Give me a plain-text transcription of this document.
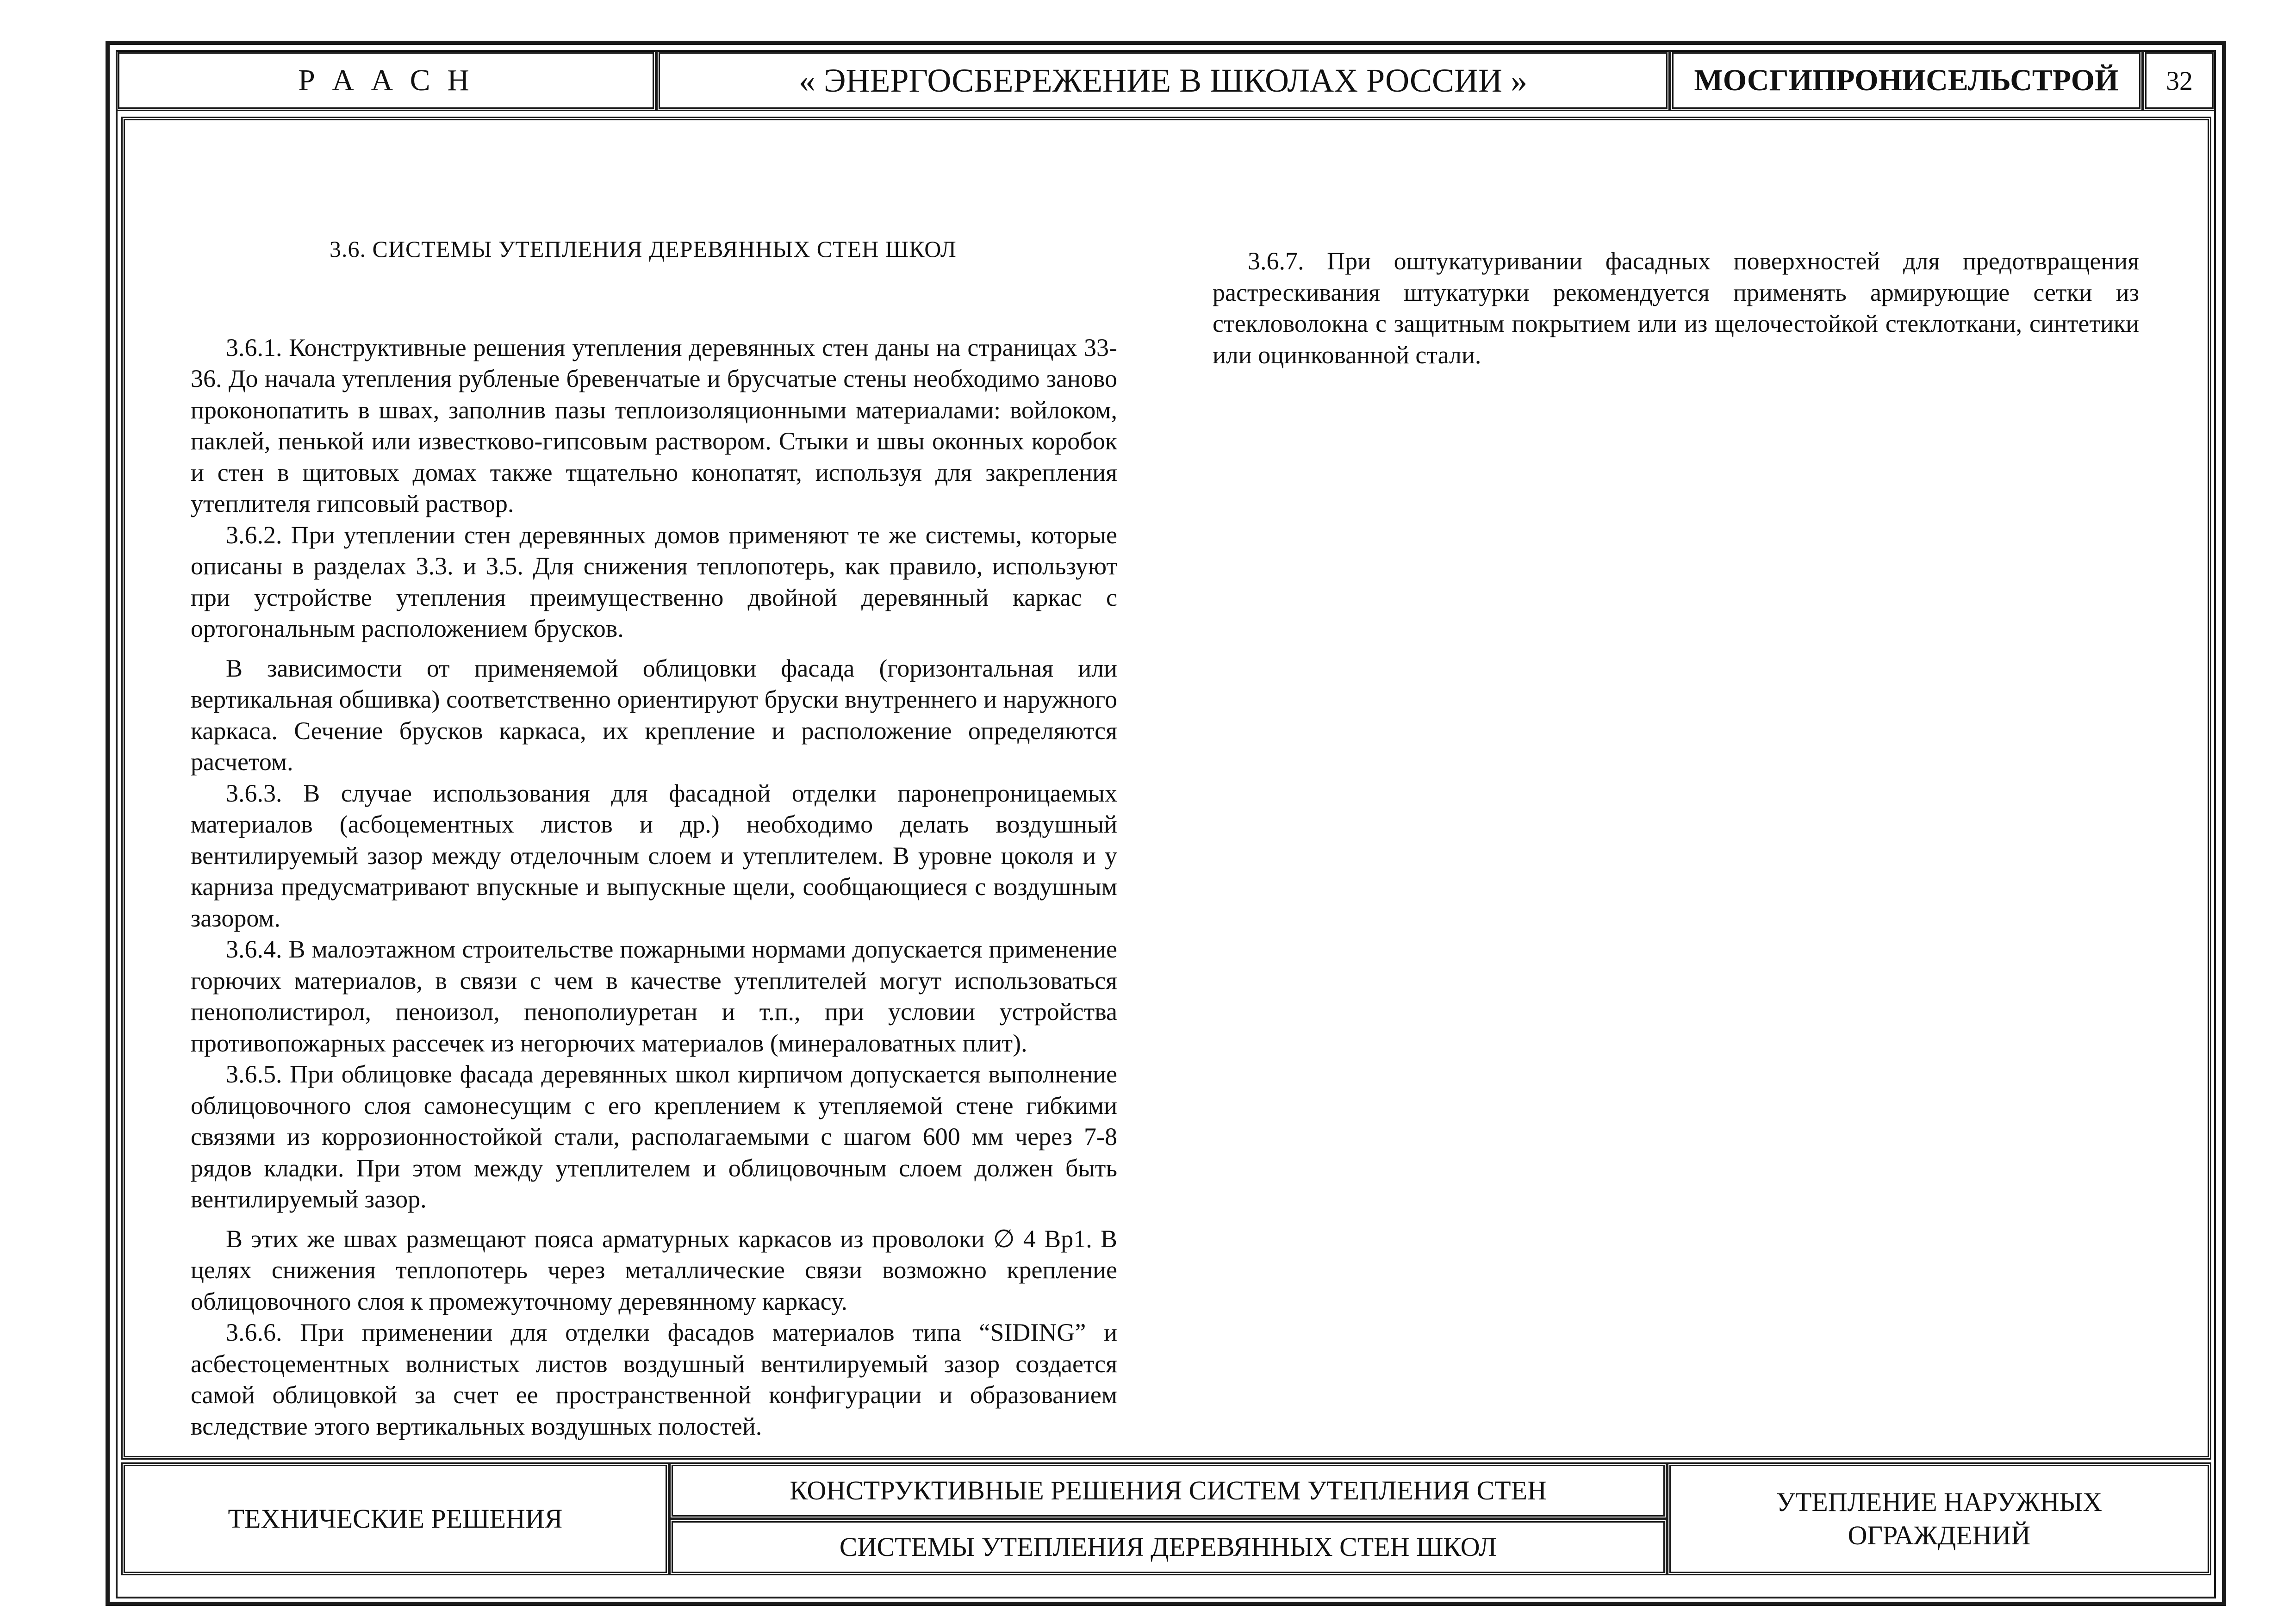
Р А А С Н	« ЭНЕРГОСБЕРЕЖЕНИЕ В ШКОЛАХ РОССИИ »	МОСГИПРОНИСЕЛЬСТРОЙ 32

3.6. СИСТЕМЫ УТЕПЛЕНИЯ ДЕРЕВЯННЫХ СТЕН ШКОЛ

3.6.1. Конструктивные решения утепления деревянных стен даны на страницах 33-36. До начала утепления рубленые бревенчатые и брусчатые стены необходимо заново проконопатить в швах, заполнив пазы теплоизоляционными материалами: войлоком, паклей, пенькой или известково-гипсовым раствором. Стыки и швы оконных коробок и стен в щитовых домах также тщательно конопатят, используя для закрепления утеплителя гипсовый раствор.

3.6.2. При утеплении стен деревянных домов применяют те же системы, которые описаны в разделах 3.3. и 3.5. Для снижения теплопотерь, как правило, используют при устройстве утепления преимущественно двойной деревянный каркас с ортогональным расположением брусков.

В зависимости от применяемой облицовки фасада (горизонтальная или вертикальная обшивка) соответственно ориентируют бруски внутреннего и наружного каркаса. Сечение брусков каркаса, их крепление и расположение определяются расчетом.

3.6.3. В случае использования для фасадной отделки паронепроницаемых материалов (асбоцементных листов и др.) необходимо делать воздушный вентилируемый зазор между отделочным слоем и утеплителем. В уровне цоколя и у карниза предусматривают впускные и выпускные щели, сообщающиеся с воздушным зазором.

3.6.4. В малоэтажном строительстве пожарными нормами допускается применение горючих материалов, в связи с чем в качестве утеплителей могут использоваться пенополистирол, пеноизол, пенополиуретан и т.п., при условии устройства противопожарных рассечек из негорючих материалов (минераловатных плит).

3.6.5. При облицовке фасада деревянных школ кирпичом допускается выполнение облицовочного слоя самонесущим с его креплением к утепляемой стене гибкими связями из коррозионностойкой стали, располагаемыми с шагом 600 мм через 7-8 рядов кладки. При этом между утеплителем и облицовочным слоем должен быть вентилируемый зазор.

В этих же швах размещают пояса арматурных каркасов из проволоки ∅ 4 Вр1. В целях снижения теплопотерь через металлические связи возможно крепление облицовочного слоя к промежуточному деревянному каркасу.

3.6.6. При применении для отделки фасадов материалов типа “SIDING” и асбестоцементных волнистых листов воздушный вентилируемый зазор создается самой облицовкой за счет ее пространственной конфигурации и образованием вследствие этого вертикальных воздушных полостей.

3.6.7. При оштукатуривании фасадных поверхностей для предотвращения растрескивания штукатурки рекомендуется применять армирующие сетки из стекловолокна с защитным покрытием или из щелочестойкой стеклоткани, синтетики или оцинкованной стали.

ТЕХНИЧЕСКИЕ РЕШЕНИЯ
КОНСТРУКТИВНЫЕ РЕШЕНИЯ СИСТЕМ УТЕПЛЕНИЯ СТЕН
СИСТЕМЫ УТЕПЛЕНИЯ ДЕРЕВЯННЫХ СТЕН ШКОЛ
УТЕПЛЕНИЕ НАРУЖНЫХ ОГРАЖДЕНИЙ
